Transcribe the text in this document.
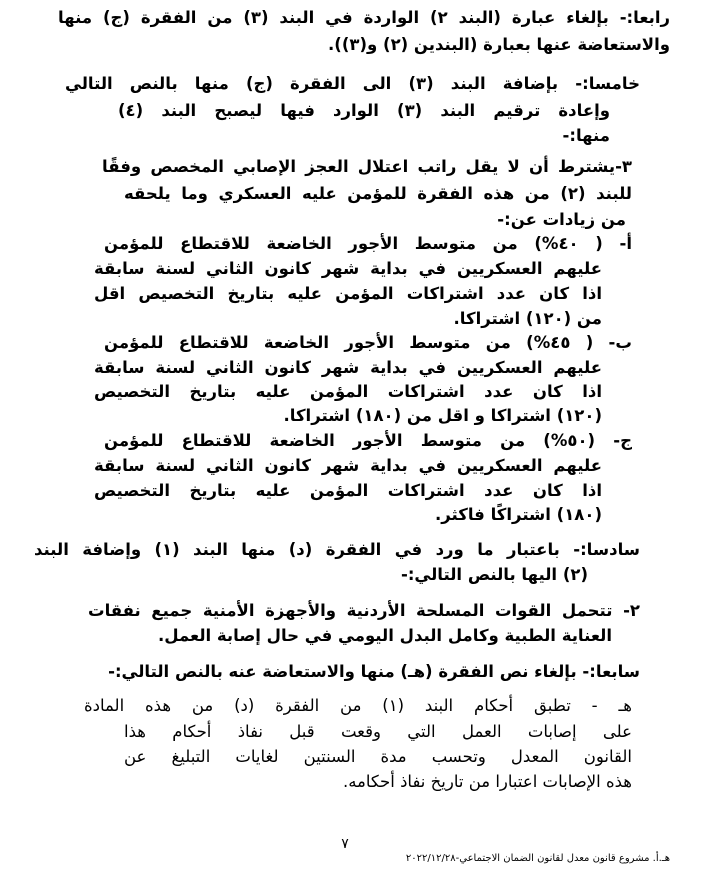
رابعا:- بإلغاء عبارة (البند ٢) الواردة في البند (٣) من الفقرة (ج) منها

والاستعاضة عنها بعبارة (البندين (٢) و(٣)).

خامسا:- بإضافة البند (٣) الى الفقرة (ج) منها بالنص التالي

وإعادة ترقيم البند (٣) الوارد فيها ليصبح البند (٤)

منها:-

٣-يشترط أن لا يقل راتب اعتلال العجز الإصابي المخصص وفقًا

للبند (٢) من هذه الفقرة للمؤمن عليه العسكري وما يلحقه

من زيادات عن:-

أ- ( ٤٠%) من متوسط الأجور الخاضعة للاقتطاع للمؤمن

عليهم العسكريين في بداية شهر كانون الثاني لسنة سابقة

اذا كان عدد اشتراكات المؤمن عليه بتاريخ التخصيص اقل

من (١٢٠) اشتراكا.

ب- ( ٤٥%) من متوسط الأجور الخاضعة للاقتطاع للمؤمن

عليهم العسكريين في بداية شهر كانون الثاني لسنة سابقة

اذا كان عدد اشتراكات المؤمن عليه بتاريخ التخصيص

(١٢٠) اشتراكا و اقل من (١٨٠) اشتراكا.

ج- (٥٠%) من متوسط الأجور الخاضعة للاقتطاع للمؤمن

عليهم العسكريين في بداية شهر كانون الثاني لسنة سابقة

اذا كان عدد اشتراكات المؤمن عليه بتاريخ التخصيص

(١٨٠) اشتراكًا فاكثر.

سادسا:- باعتبار ما ورد في الفقرة (د) منها البند (١) وإضافة البند

(٢) اليها بالنص التالي:-

٢- تتحمل القوات المسلحة الأردنية والأجهزة الأمنية جميع نفقات

العناية الطبية وكامل البدل اليومي في حال إصابة العمل.

سابعا:- بإلغاء نص الفقرة (هـ) منها والاستعاضة عنه بالنص التالي:-

هـ - تطبق أحكام البند (١) من الفقرة (د) من هذه المادة

على إصابات العمل التي وقعت قبل نفاذ أحكام هذا

القانون المعدل وتحسب مدة السنتين لغايات التبليغ عن

هذه الإصابات اعتبارا من تاريخ نفاذ أحكامه.

٧
هـ.أ. مشروع قانون معدل لقانون الضمان الاجتماعي-٢٠٢٢/١٢/٢٨
